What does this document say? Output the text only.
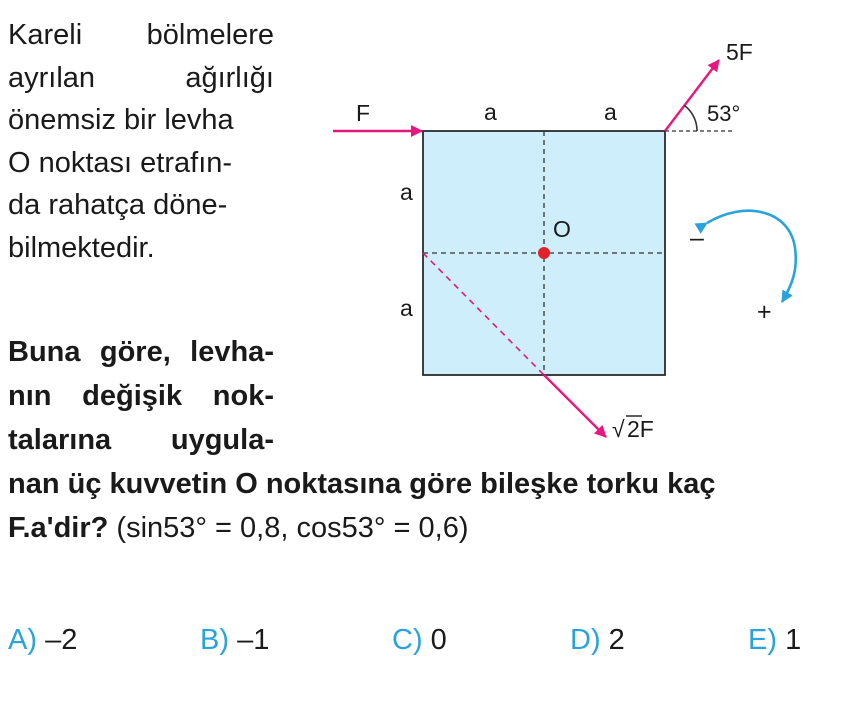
Kareli bölmelere
ayrılan	ağırlığı
önemsiz bir levha
O noktası etrafın-
da rahatça döne-
bilmektedir.
F	a	a
a
a
O
5F
53°
–
+
√ 2F
Buna göre, levha-
nın değişik nok-
talarına uygula-
nan üç kuvvetin O noktasına göre bileşke torku kaç
F.a'dir? (sin53° = 0,8, cos53° = 0,6)
A) –2	B) –1	C) 0	D) 2	E) 1
